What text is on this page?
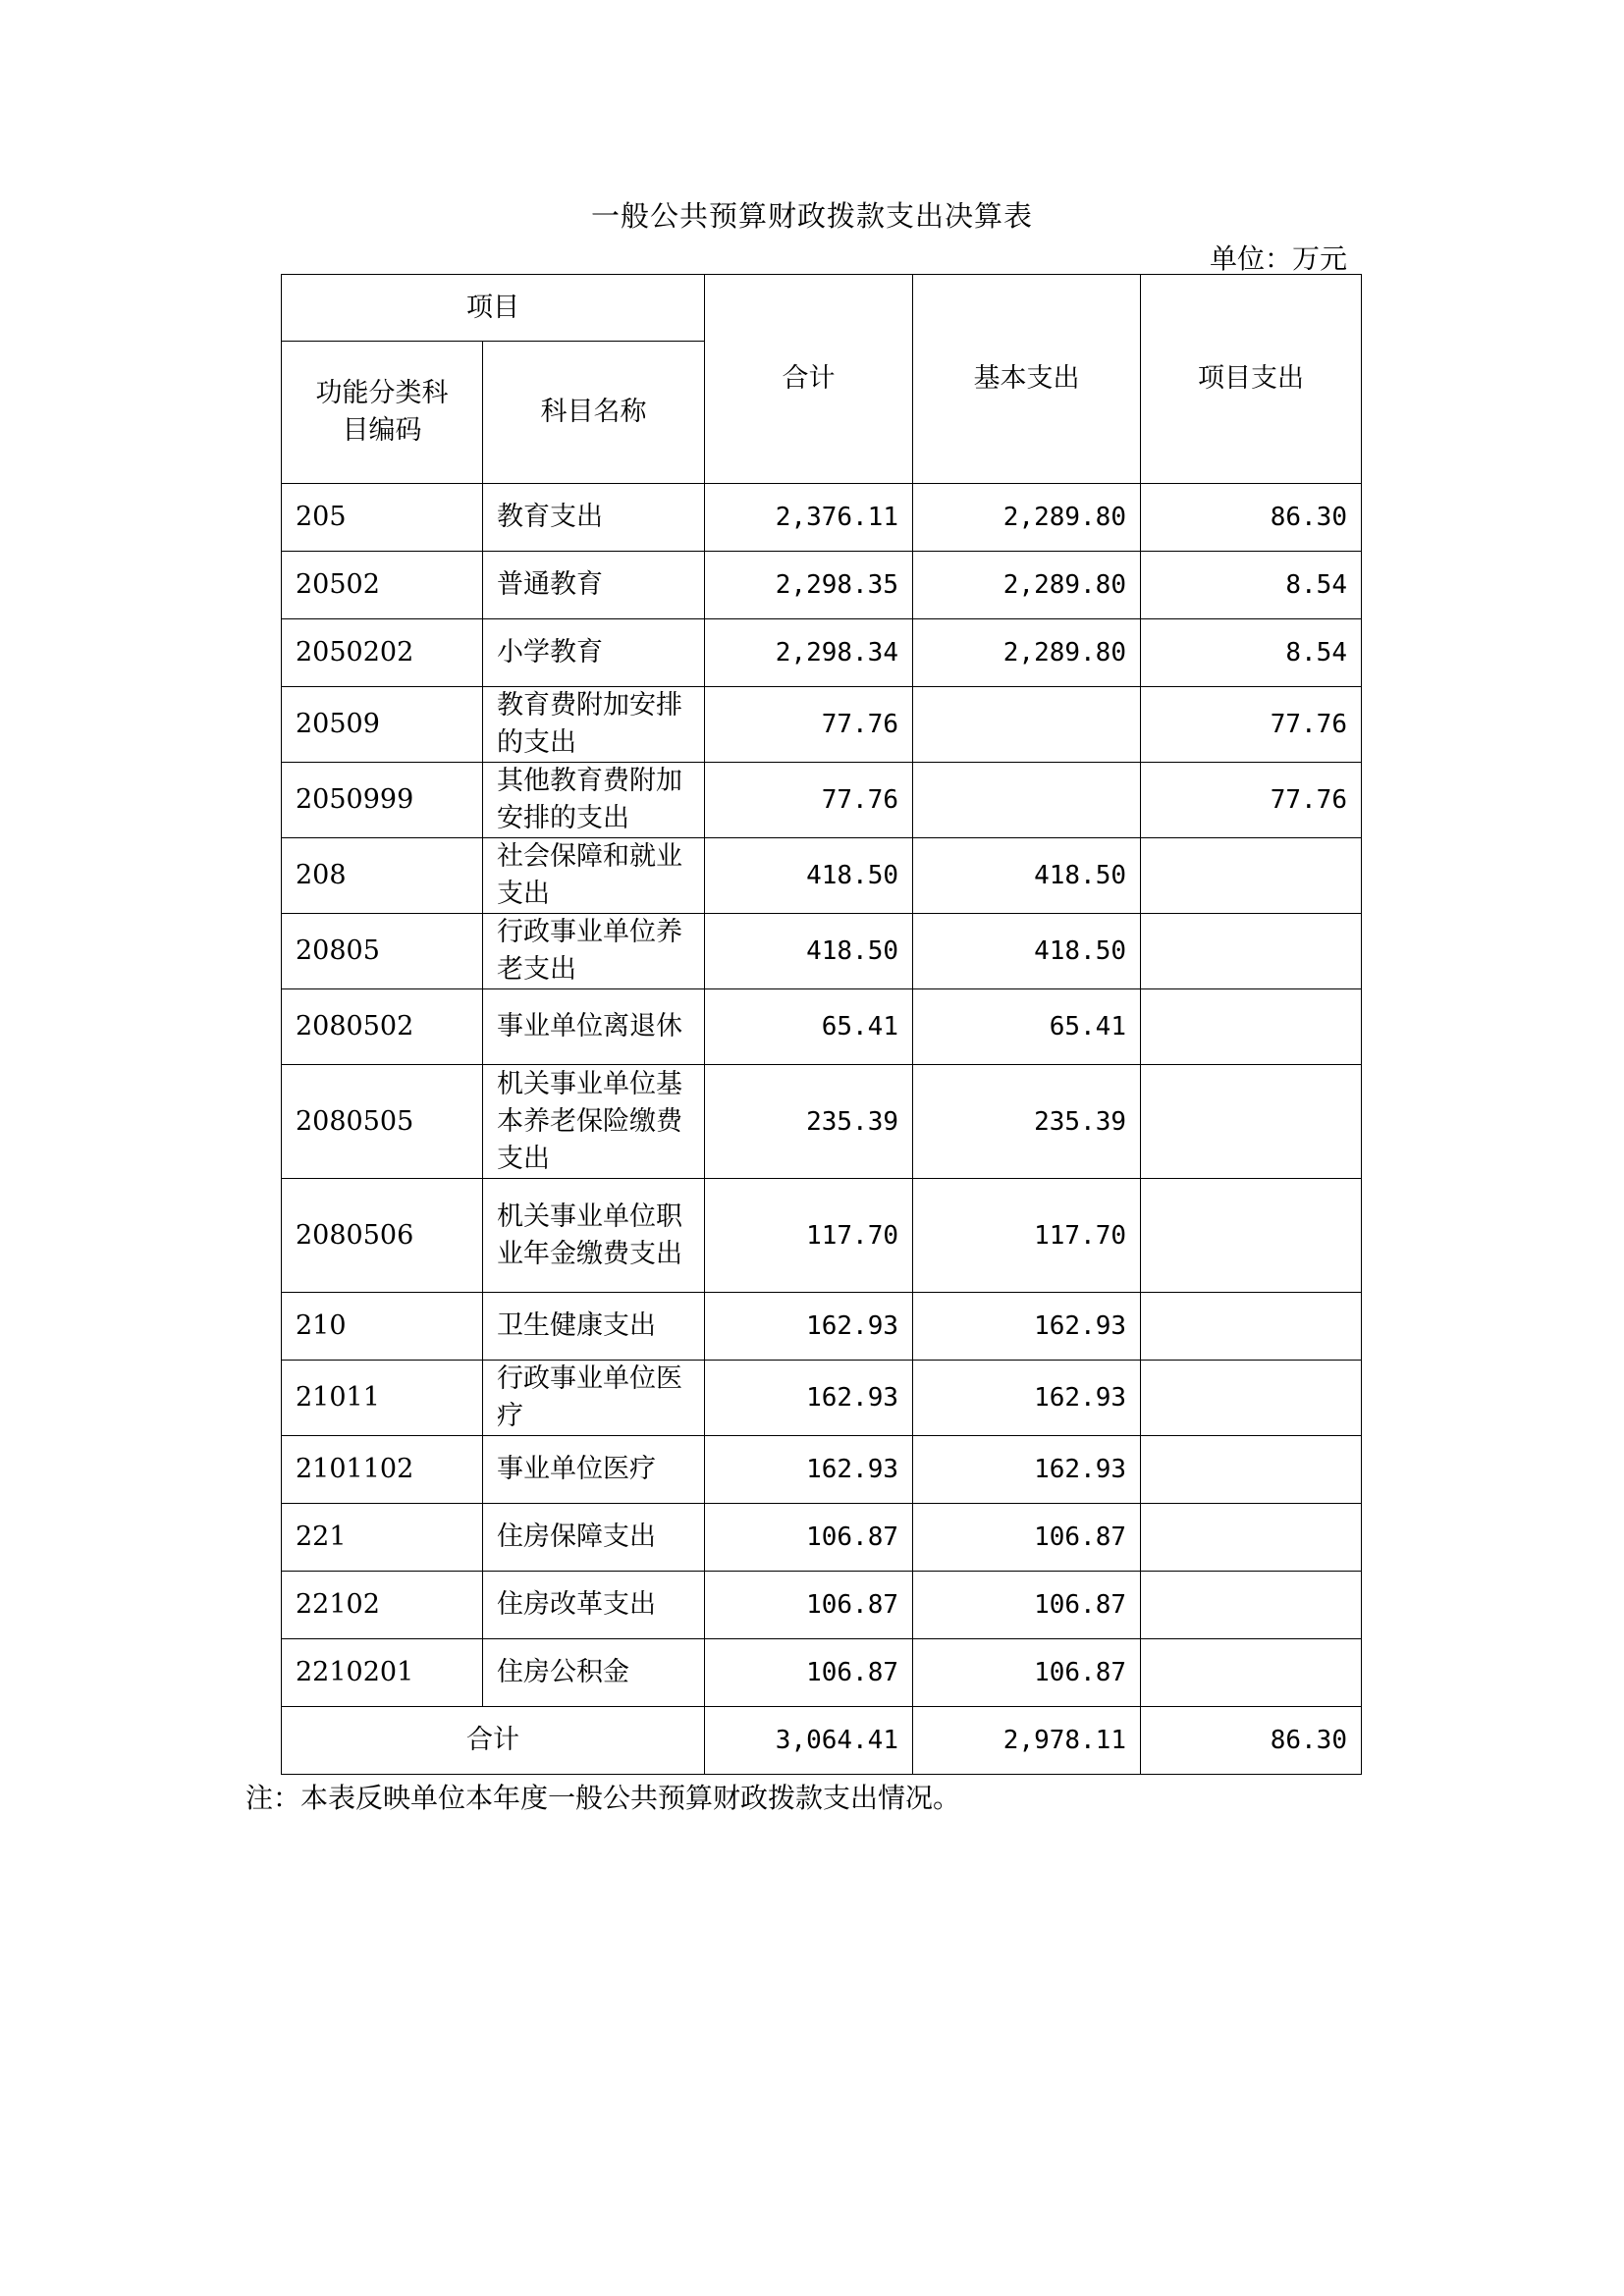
一般公共预算财政拨款支出决算表
单位：万元
项目		合计	基本支出	项目支出
功能分类科目编码	科目名称			
205	教育支出	2,376.11	2,289.80	86.30
20502	普通教育	2,298.35	2,289.80	8.54
2050202	小学教育	2,298.34	2,289.80	8.54
20509	教育费附加安排的支出	77.76		77.76
2050999	其他教育费附加安排的支出	77.76		77.76
208	社会保障和就业支出	418.50	418.50	
20805	行政事业单位养老支出	418.50	418.50	
2080502	事业单位离退休	65.41	65.41	
2080505	机关事业单位基本养老保险缴费支出	235.39	235.39	
2080506	机关事业单位职业年金缴费支出	117.70	117.70	
210	卫生健康支出	162.93	162.93	
21011	行政事业单位医疗	162.93	162.93	
2101102	事业单位医疗	162.93	162.93	
221	住房保障支出	106.87	106.87	
22102	住房改革支出	106.87	106.87	
2210201	住房公积金	106.87	106.87	
合计		3,064.41	2,978.11	86.30
注：本表反映单位本年度一般公共预算财政拨款支出情况。
